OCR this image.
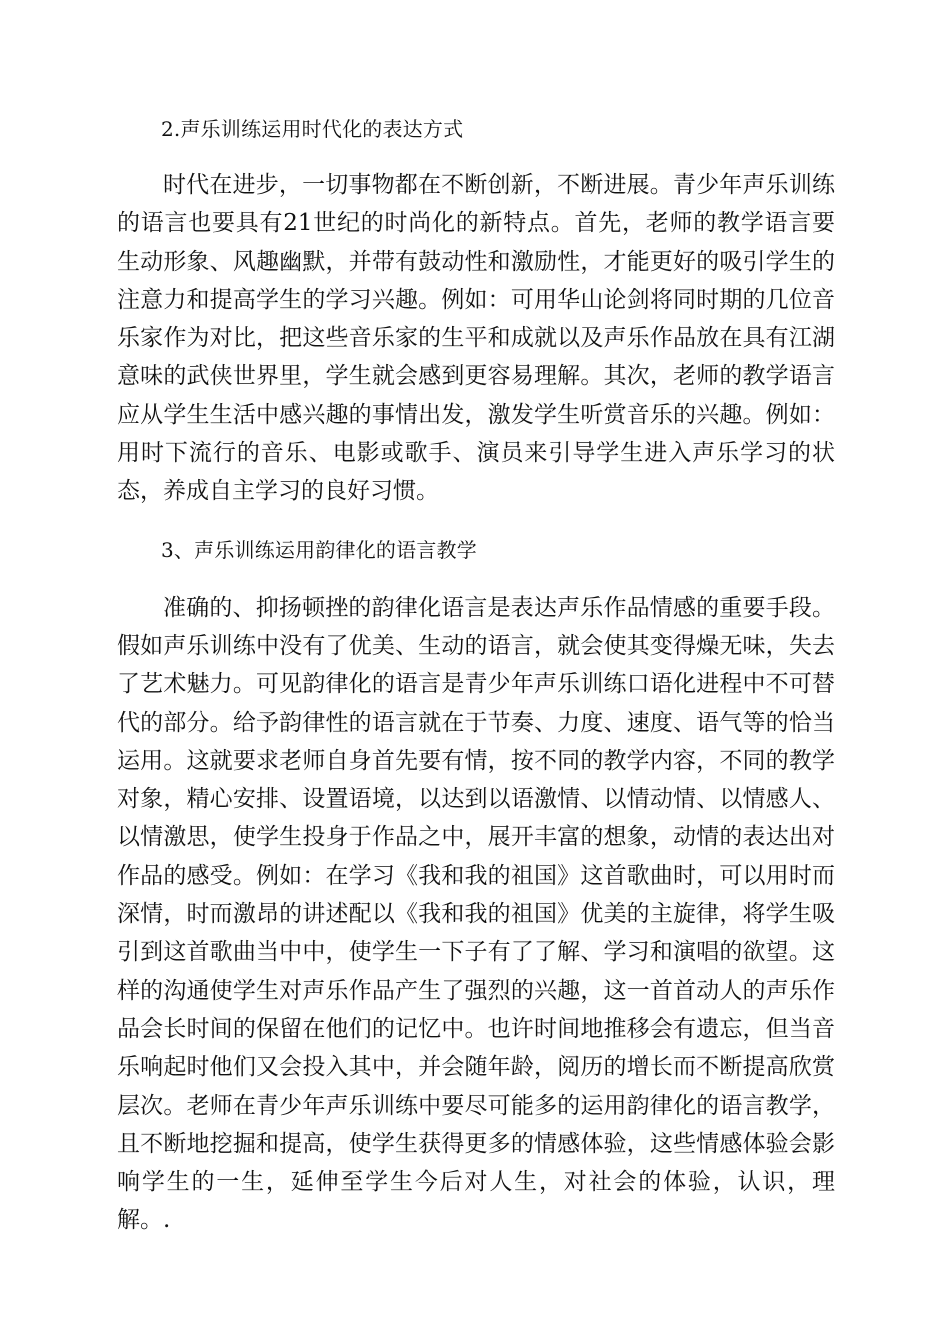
2.声乐训练运用时代化的表达方式

时代在进步，一切事物都在不断创新，不断进展。青少年声乐训练的语言也要具有21世纪的时尚化的新特点。首先，老师的教学语言要生动形象、风趣幽默，并带有鼓动性和激励性，才能更好的吸引学生的注意力和提高学生的学习兴趣。例如：可用华山论剑将同时期的几位音乐家作为对比，把这些音乐家的生平和成就以及声乐作品放在具有江湖意味的武侠世界里，学生就会感到更容易理解。其次，老师的教学语言应从学生生活中感兴趣的事情出发，激发学生听赏音乐的兴趣。例如：用时下流行的音乐、电影或歌手、演员来引导学生进入声乐学习的状态，养成自主学习的良好习惯。

3、声乐训练运用韵律化的语言教学

准确的、抑扬顿挫的韵律化语言是表达声乐作品情感的重要手段。假如声乐训练中没有了优美、生动的语言，就会使其变得燥无味，失去了艺术魅力。可见韵律化的语言是青少年声乐训练口语化进程中不可替代的部分。给予韵律性的语言就在于节奏、力度、速度、语气等的恰当运用。这就要求老师自身首先要有情，按不同的教学内容，不同的教学对象，精心安排、设置语境，以达到以语激情、以情动情、以情感人、以情激思，使学生投身于作品之中，展开丰富的想象，动情的表达出对作品的感受。例如：在学习《我和我的祖国》这首歌曲时，可以用时而深情，时而激昂的讲述配以《我和我的祖国》优美的主旋律，将学生吸引到这首歌曲当中中，使学生一下子有了了解、学习和演唱的欲望。这样的沟通使学生对声乐作品产生了强烈的兴趣，这一首首动人的声乐作品会长时间的保留在他们的记忆中。也许时间地推移会有遗忘，但当音乐响起时他们又会投入其中，并会随年龄，阅历的增长而不断提高欣赏层次。老师在青少年声乐训练中要尽可能多的运用韵律化的语言教学，且不断地挖掘和提高，使学生获得更多的情感体验，这些情感体验会影响学生的一生，延伸至学生今后对人生，对社会的体验，认识，理解。.
